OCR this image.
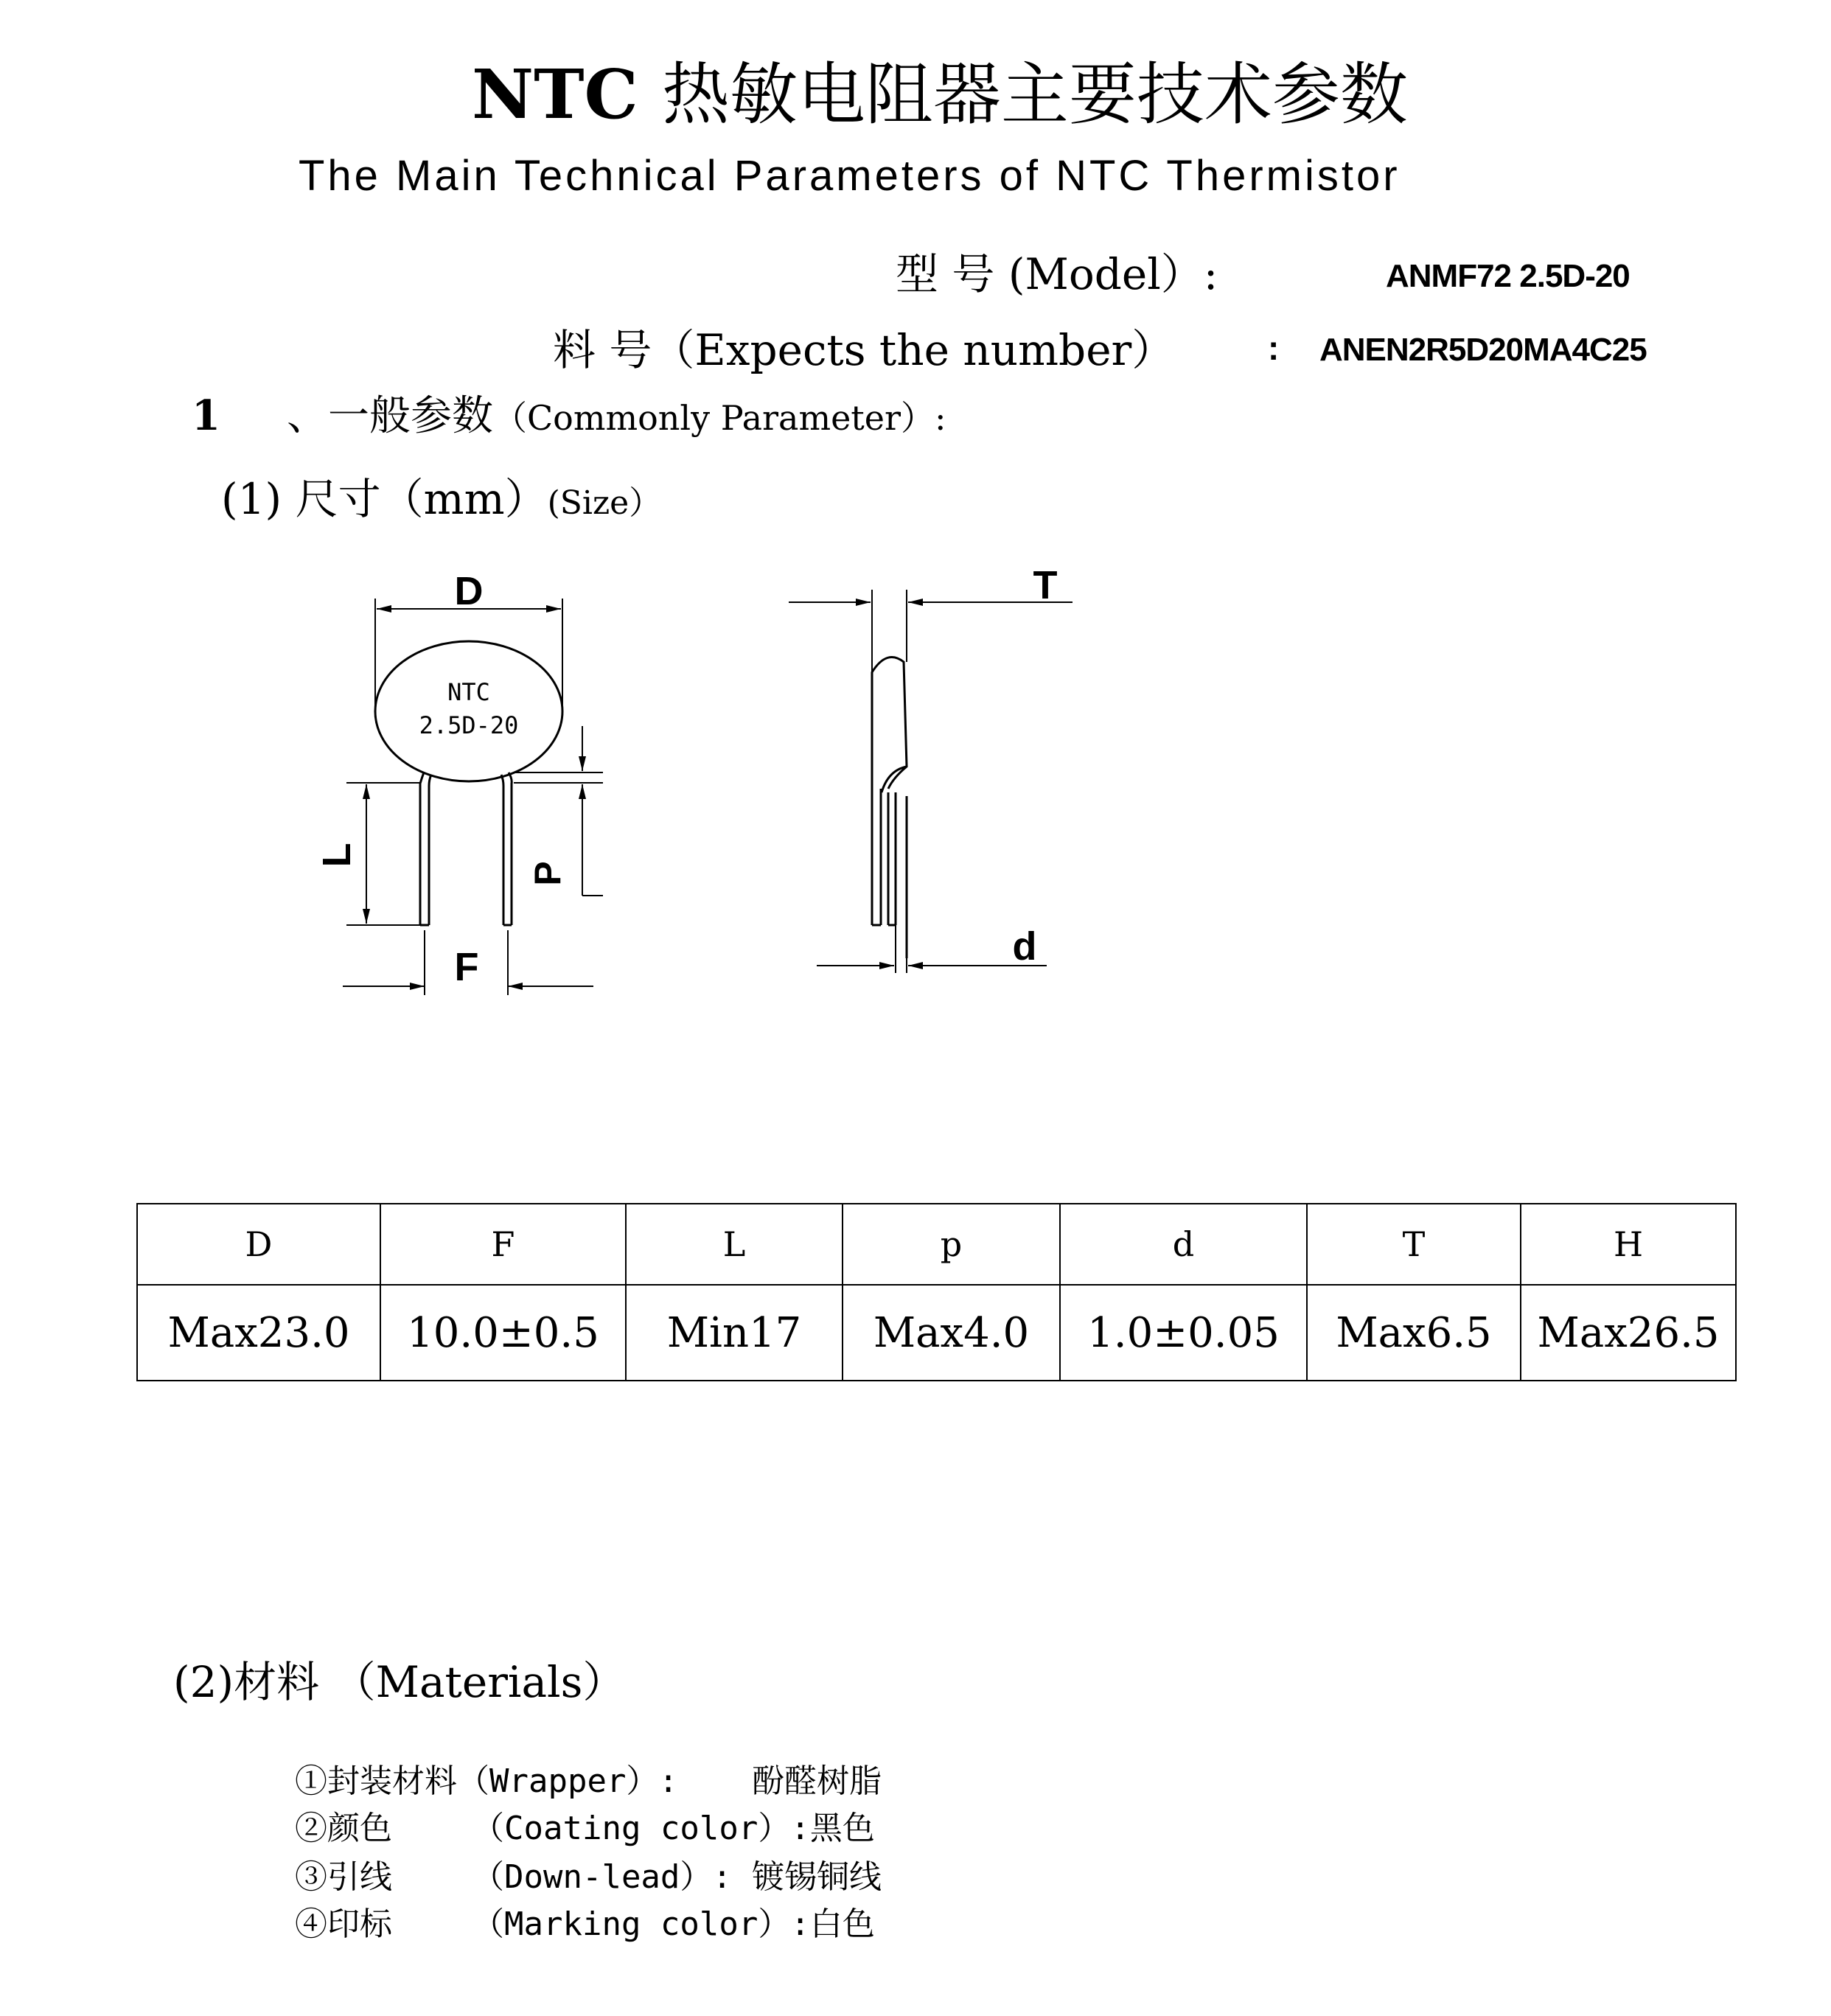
NTC 热敏电阻器主要技术参数
The Main Technical Parameters of NTC Thermistor
型 号 (Model）:	ANMF72 2.5D-20
料 号（Expects the number）	: ANEN2R5D20MA4C25
1 、一般参数（Commonly Parameter）:
(1) 尺寸（mm）(Size）
NTC
2.5D-20
D
L
P
F
T
d
D	F	L	p	d	T	H
Max23.0	10.0±0.5	Min17	Max4.0	1.0±0.05	Max6.5	Max26.5
(2)材料 （Materials）
①封装材料（Wrapper）: 酚醛树脂
②颜色 （Coating color）:黑色
③引线 （Down-lead）: 镀锡铜线
④印标 （Marking color）:白色
